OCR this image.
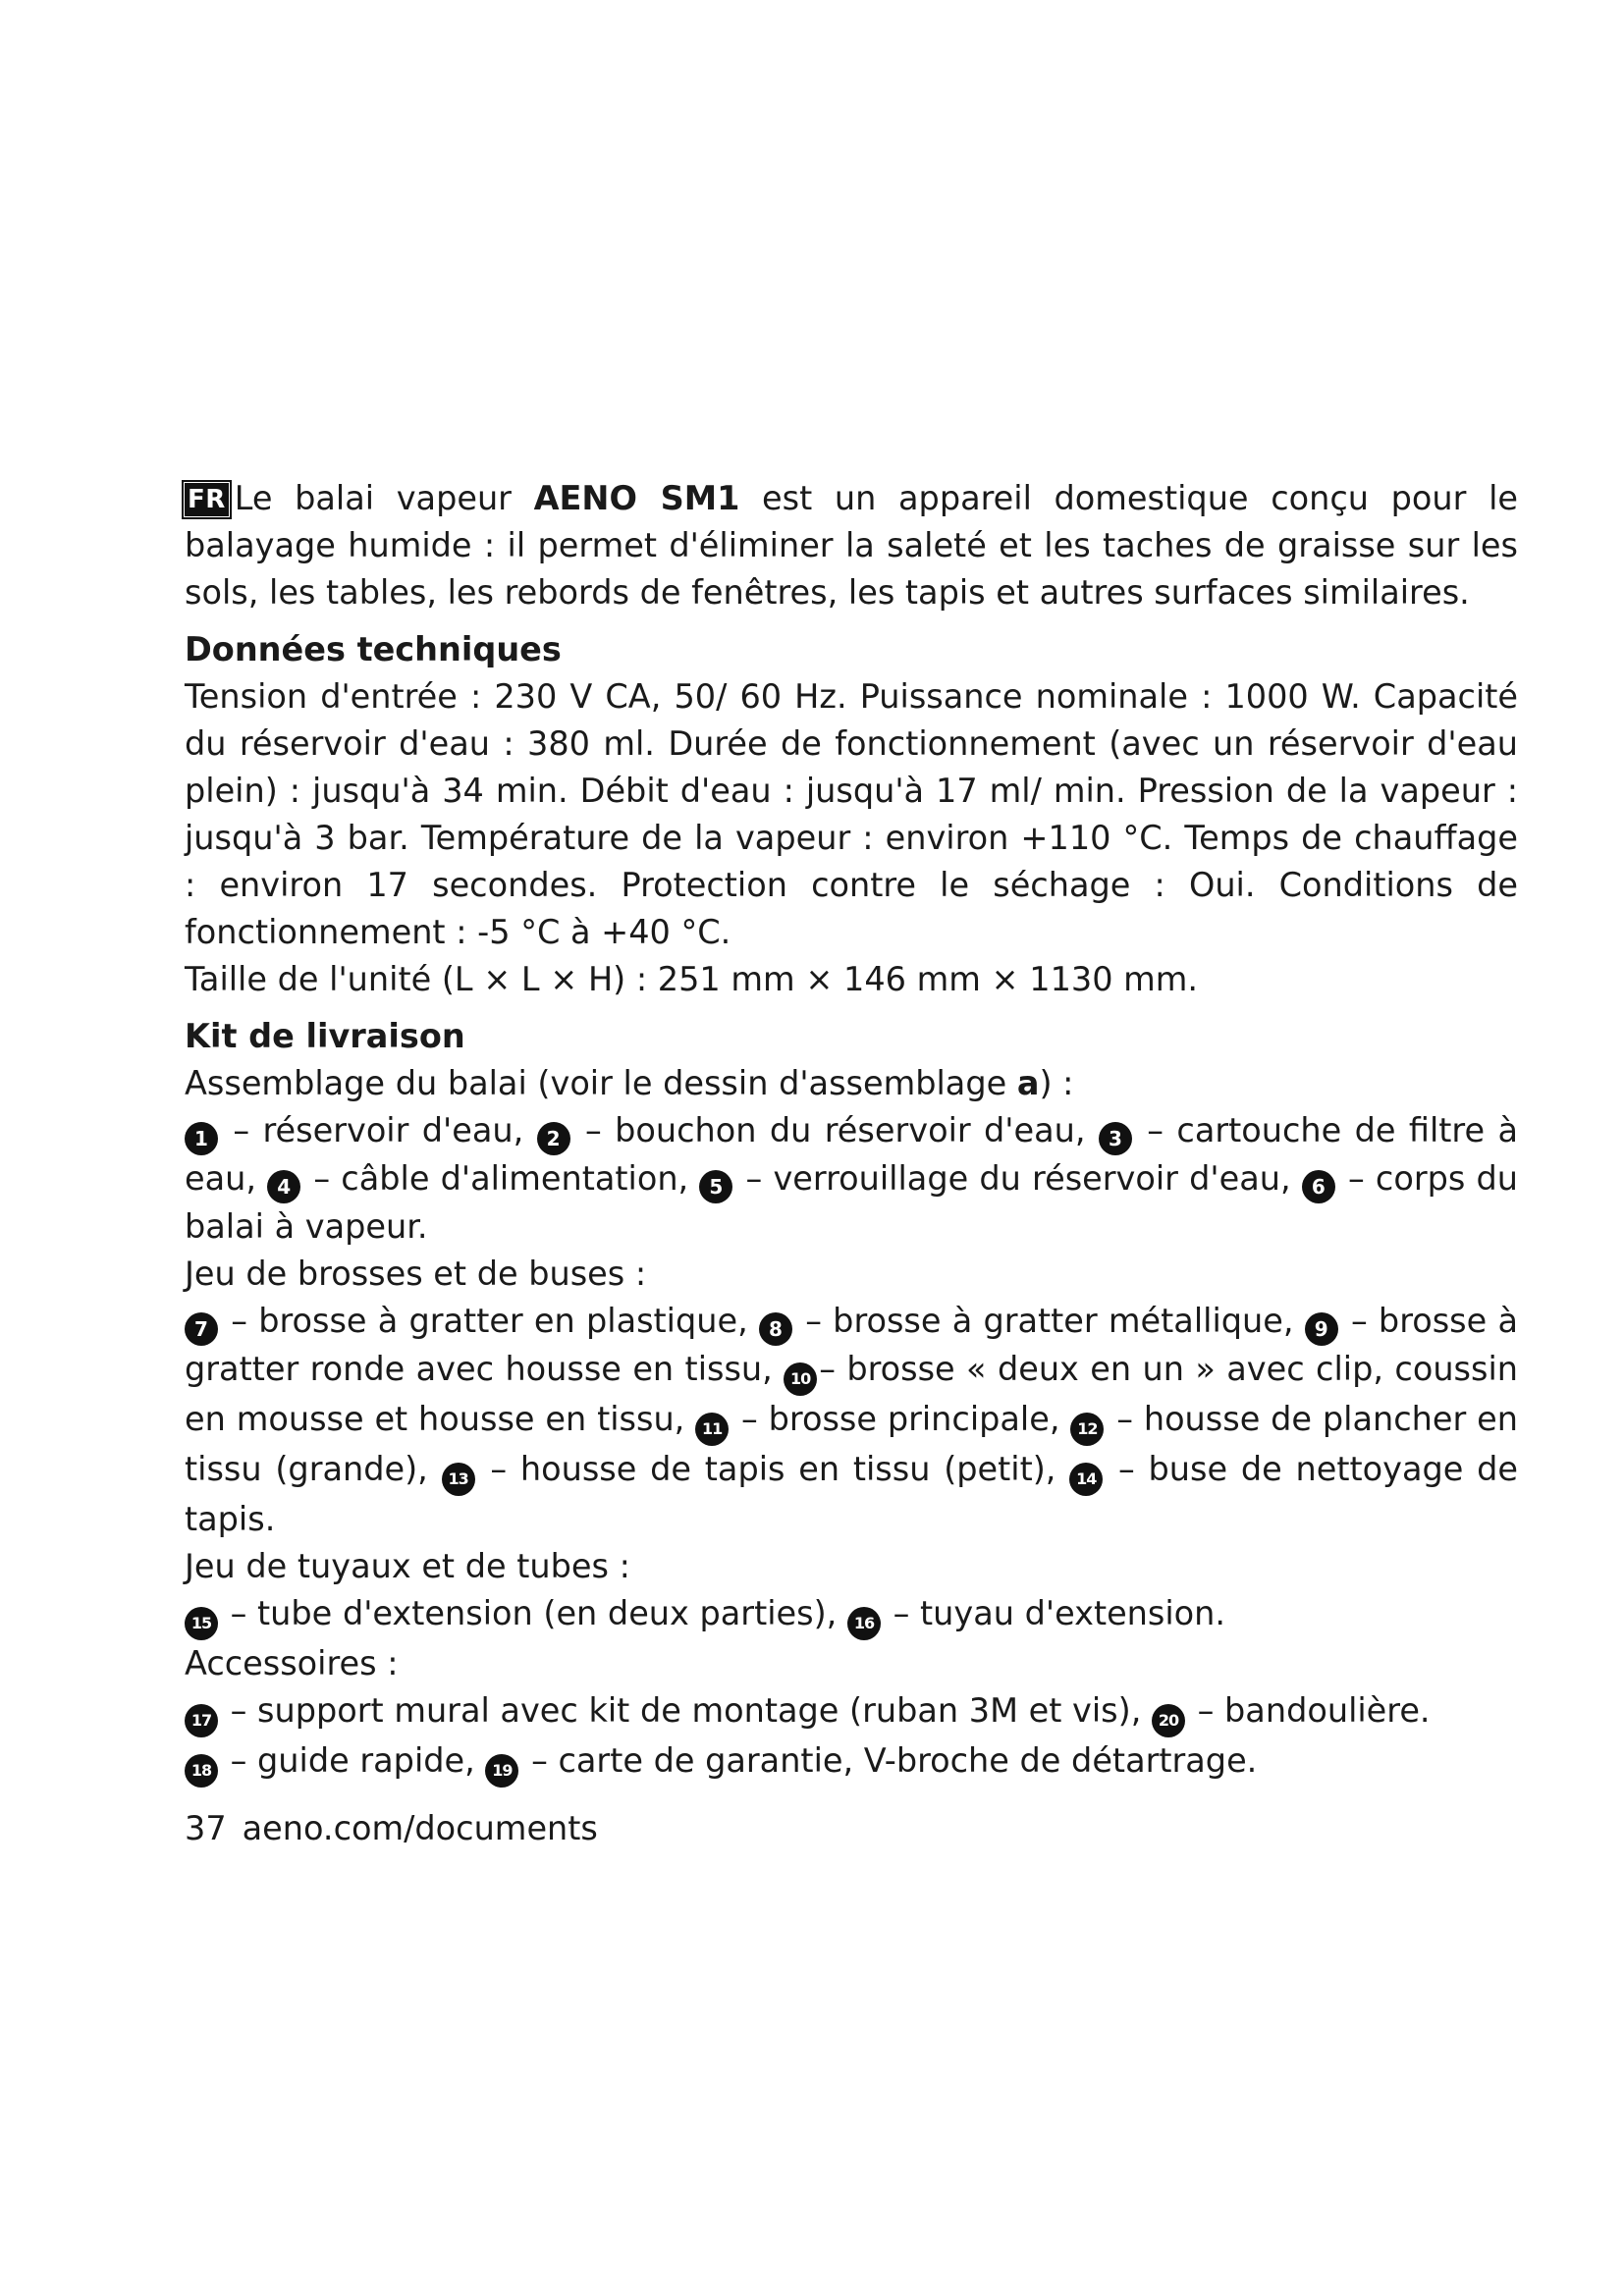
FR Le balai vapeur AENO SM1 est un appareil domestique conçu pour le balayage humide : il permet d'éliminer la saleté et les taches de graisse sur les sols, les tables, les rebords de fenêtres, les tapis et autres surfaces similaires.
Données techniques
Tension d'entrée : 230 V CA, 50/ 60 Hz. Puissance nominale : 1000 W. Capacité du réservoir d'eau : 380 ml. Durée de fonctionnement (avec un réservoir d'eau plein) : jusqu'à 34 min. Débit d'eau : jusqu'à 17 ml/ min. Pression de la vapeur : jusqu'à 3 bar. Température de la vapeur : environ +110 °C. Temps de chauffage : environ 17 secondes. Protection contre le séchage : Oui. Conditions de fonctionnement : -5 °C à +40 °C.
Taille de l'unité (L × L × H) : 251 mm × 146 mm × 1130 mm.
Kit de livraison
Assemblage du balai (voir le dessin d'assemblage a) :
1 – réservoir d'eau, 2 – bouchon du réservoir d'eau, 3 – cartouche de filtre à eau, 4 – câble d'alimentation, 5 – verrouillage du réservoir d'eau, 6 – corps du balai à vapeur.
Jeu de brosses et de buses :
7 – brosse à gratter en plastique, 8 – brosse à gratter métallique, 9 – brosse à gratter ronde avec housse en tissu, 10 – brosse « deux en un » avec clip, coussin en mousse et housse en tissu, 11 – brosse principale, 12 – housse de plancher en tissu (grande), 13 – housse de tapis en tissu (petit), 14 – buse de nettoyage de tapis.
Jeu de tuyaux et de tubes :
15 – tube d'extension (en deux parties), 16 – tuyau d'extension.
Accessoires :
17 – support mural avec kit de montage (ruban 3M et vis), 20 – bandoulière.
18 – guide rapide, 19 – carte de garantie, V-broche de détartrage.
37 aeno.com/documents
